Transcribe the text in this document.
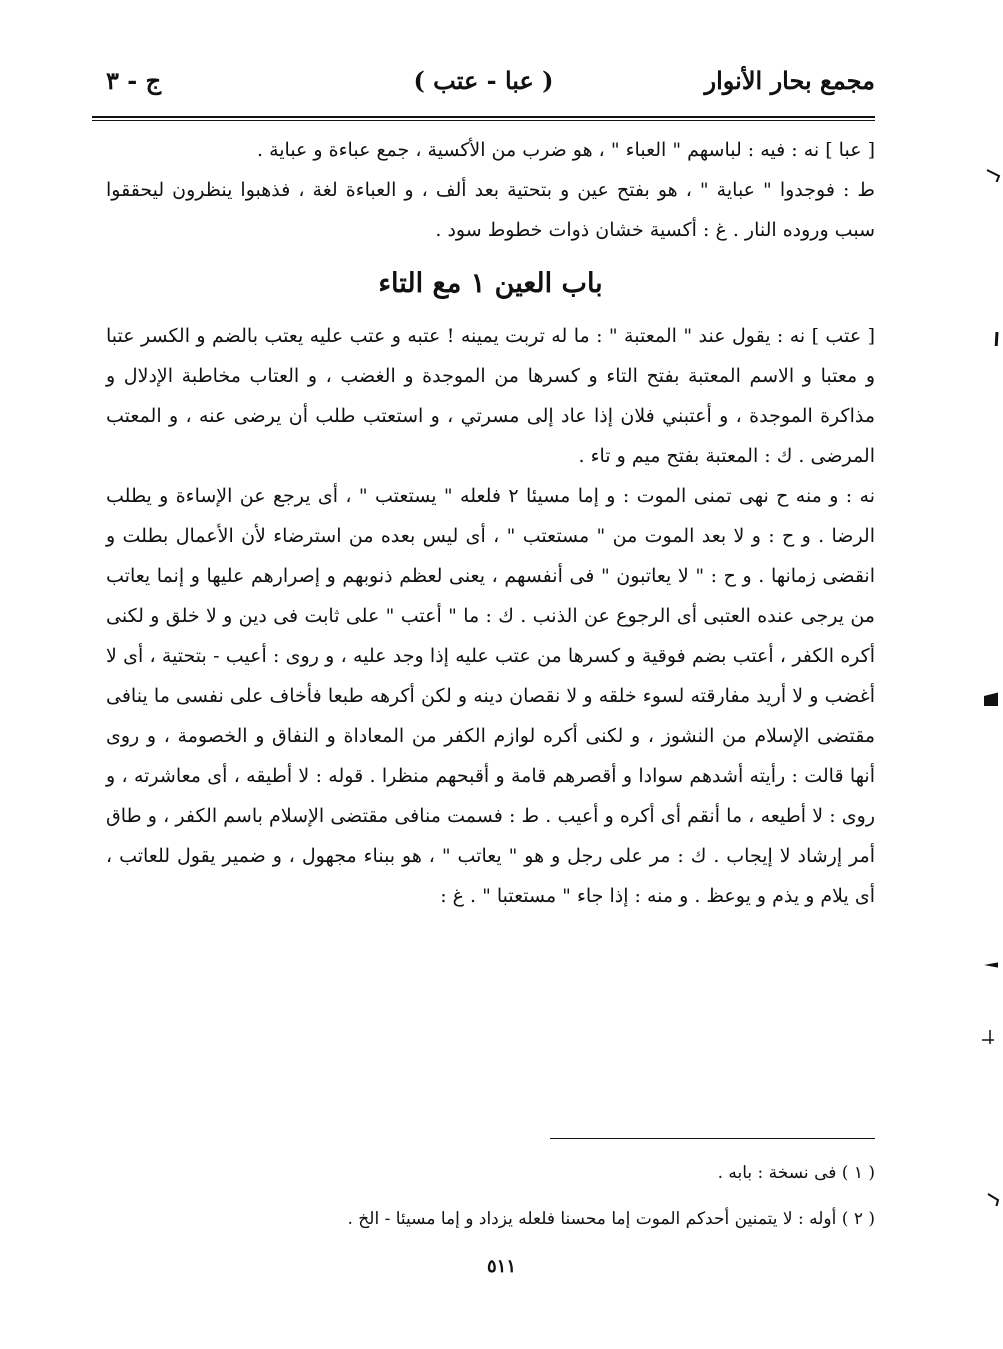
مجمع بحار الأنوار
( عبا - عتب )
ج - ٣

[ عبا ] نه : فيه : لباسهم " العباء " ، هو ضرب من الأكسية ، جمع عباءة و عباية .

ط : فوجدوا " عباية " ، هو بفتح عين و بتحتية بعد ألف ، و العباءة لغة ، فذهبوا ينظرون ليحققوا سبب وروده النار . غ : أكسية خشان ذوات خطوط سود .

باب العين ١ مع التاء

[ عتب ] نه : يقول عند " المعتبة " : ما له تربت يمينه ! عتبه و عتب عليه يعتب بالضم و الكسر عتبا و معتبا و الاسم المعتبة بفتح التاء و كسرها من الموجدة و الغضب ، و العتاب مخاطبة الإدلال و مذاكرة الموجدة ، و أعتبني فلان إذا عاد إلى مسرتي ، و استعتب طلب أن يرضى عنه ، و المعتب المرضى . ك : المعتبة بفتح ميم و تاء .

نه : و منه ح نهى تمنى الموت : و إما مسيئا ٢ فلعله " يستعتب " ، أى يرجع عن الإساءة و يطلب الرضا . و ح : و لا بعد الموت من " مستعتب " ، أى ليس بعده من استرضاء لأن الأعمال بطلت و انقضى زمانها . و ح : " لا يعاتبون " فى أنفسهم ، يعنى لعظم ذنوبهم و إصرارهم عليها و إنما يعاتب من يرجى عنده العتبى أى الرجوع عن الذنب . ك : ما " أعتب " على ثابت فى دين و لا خلق و لكنى أكره الكفر ، أعتب بضم فوقية و كسرها من عتب عليه إذا وجد عليه ، و روى : أعيب - بتحتية ، أى لا أغضب و لا أريد مفارقته لسوء خلقه و لا نقصان دينه و لكن أكرهه طبعا فأخاف على نفسى ما ينافى مقتضى الإسلام من النشوز ، و لكنى أكره لوازم الكفر من المعاداة و النفاق و الخصومة ، و روى أنها قالت : رأيته أشدهم سوادا و أقصرهم قامة و أقبحهم منظرا . قوله : لا أطيقه ، أى معاشرته ، و روى : لا أطيعه ، ما أنقم أى أكره و أعيب . ط : فسمت منافى مقتضى الإسلام باسم الكفر ، و طاق أمر إرشاد لا إيجاب . ك : مر على رجل و هو " يعاتب " ، هو ببناء مجهول ، و ضمير يقول للعاتب ، أى يلام و يذم و يوعظ . و منه : إذا جاء " مستعتبا " . غ :

( ١ ) فى نسخة : بابه .

( ٢ ) أوله : لا يتمنين أحدكم الموت إما محسنا فلعله يزداد و إما مسيئا - الخ .

٥١١
